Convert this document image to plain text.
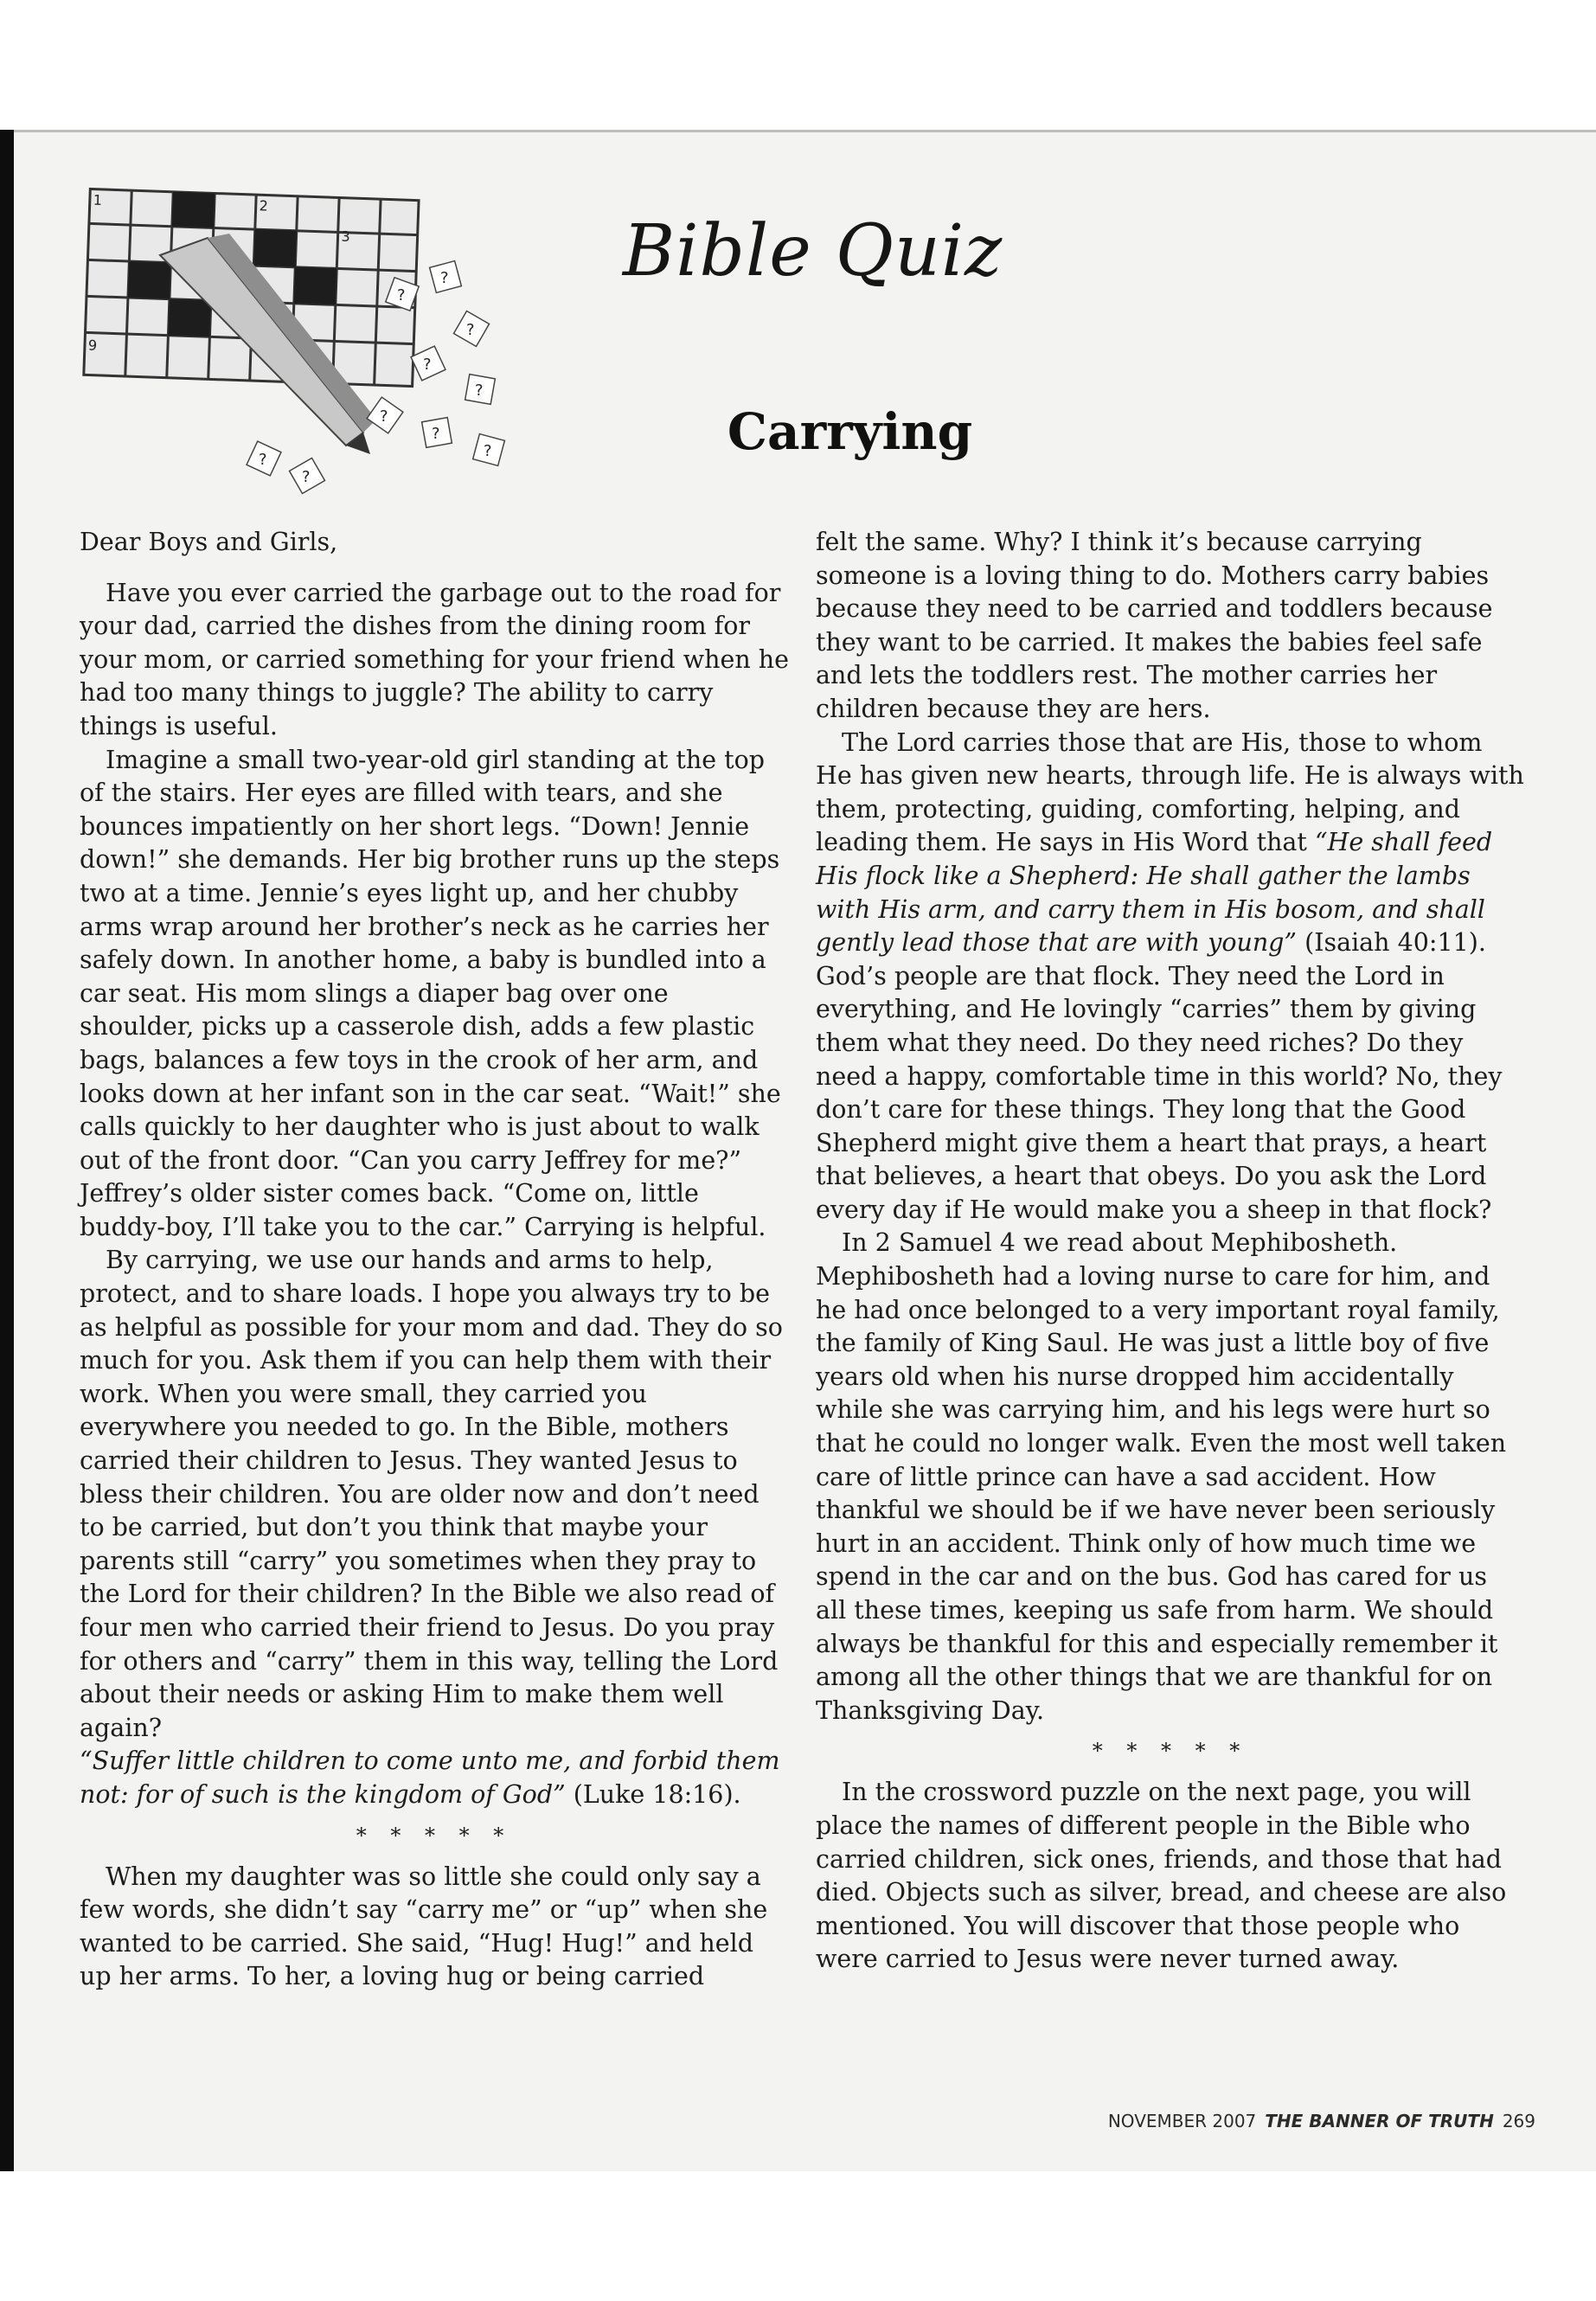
1	2
3
9
?
?
?
?
?
?
?
?
?
?
Bible Quiz
Carrying

Dear Boys and Girls,

Have you ever carried the garbage out to the road for your dad, carried the dishes from the dining room for your mom, or carried something for your friend when he had too many things to juggle? The ability to carry things is useful.

Imagine a small two-year-old girl standing at the top of the stairs. Her eyes are filled with tears, and she bounces impatiently on her short legs. “Down! Jennie down!” she demands. Her big brother runs up the steps two at a time. Jennie’s eyes light up, and her chubby arms wrap around her brother’s neck as he carries her safely down. In another home, a baby is bundled into a car seat. His mom slings a diaper bag over one shoulder, picks up a casserole dish, adds a few plastic bags, balances a few toys in the crook of her arm, and looks down at her infant son in the car seat. “Wait!” she calls quickly to her daughter who is just about to walk out of the front door. “Can you carry Jeffrey for me?” Jeffrey’s older sister comes back. “Come on, little buddy-boy, I’ll take you to the car.” Carrying is helpful.

By carrying, we use our hands and arms to help, protect, and to share loads. I hope you always try to be as helpful as possible for your mom and dad. They do so much for you. Ask them if you can help them with their work. When you were small, they carried you everywhere you needed to go. In the Bible, mothers carried their children to Jesus. They wanted Jesus to bless their children. You are older now and don’t need to be carried, but don’t you think that maybe your parents still “carry” you sometimes when they pray to the Lord for their children? In the Bible we also read of four men who carried their friend to Jesus. Do you pray for others and “carry” them in this way, telling the Lord about their needs or asking Him to make them well again?

“Suffer little children to come unto me, and forbid them not: for of such is the kingdom of God” (Luke 18:16).

* * * * *

When my daughter was so little she could only say a few words, she didn’t say “carry me” or “up” when she wanted to be carried. She said, “Hug! Hug!” and held up her arms. To her, a loving hug or being carried

felt the same. Why? I think it’s because carrying someone is a loving thing to do. Mothers carry babies because they need to be carried and toddlers because they want to be carried. It makes the babies feel safe and lets the toddlers rest. The mother carries her children because they are hers.

The Lord carries those that are His, those to whom He has given new hearts, through life. He is always with them, protecting, guiding, comforting, helping, and leading them. He says in His Word that “He shall feed His flock like a Shepherd: He shall gather the lambs with His arm, and carry them in His bosom, and shall gently lead those that are with young” (Isaiah 40:11). God’s people are that flock. They need the Lord in everything, and He lovingly “carries” them by giving them what they need. Do they need riches? Do they need a happy, comfortable time in this world? No, they don’t care for these things. They long that the Good Shepherd might give them a heart that prays, a heart that believes, a heart that obeys. Do you ask the Lord every day if He would make you a sheep in that flock?

In 2 Samuel 4 we read about Mephibosheth. Mephibosheth had a loving nurse to care for him, and he had once belonged to a very important royal family, the family of King Saul. He was just a little boy of five years old when his nurse dropped him accidentally while she was carrying him, and his legs were hurt so that he could no longer walk. Even the most well taken care of little prince can have a sad accident. How thankful we should be if we have never been seriously hurt in an accident. Think only of how much time we spend in the car and on the bus. God has cared for us all these times, keeping us safe from harm. We should always be thankful for this and especially remember it among all the other things that we are thankful for on Thanksgiving Day.

* * * * *

In the crossword puzzle on the next page, you will place the names of different people in the Bible who carried children, sick ones, friends, and those that had died. Objects such as silver, bread, and cheese are also mentioned. You will discover that those people who were carried to Jesus were never turned away.

NOVEMBER 2007 THE BANNER OF TRUTH 269
